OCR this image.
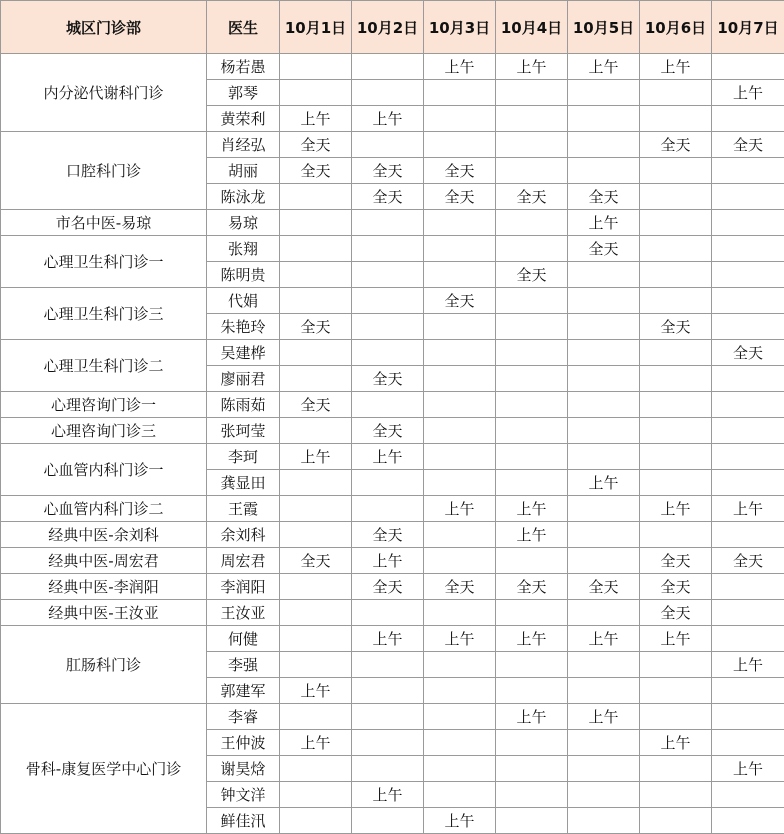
城区门诊部	医生	10月1日	10月2日	10月3日	10月4日	10月5日	10月6日	10月7日
内分泌代谢科门诊	杨若愚			上午	上午	上午	上午	
	郭琴							上午
	黄荣利	上午	上午					
口腔科门诊	肖经弘	全天					全天	全天
	胡丽	全天	全天	全天				
	陈泳龙		全天	全天	全天	全天		
市名中医-易琼	易琼					上午		
心理卫生科门诊一	张翔					全天		
	陈明贵				全天			
心理卫生科门诊三	代娟			全天				
	朱艳玲	全天					全天	
心理卫生科门诊二	吴建桦							全天
	廖丽君		全天					
心理咨询门诊一	陈雨茹	全天						
心理咨询门诊三	张珂莹		全天					
心血管内科门诊一	李珂	上午	上午					
	龚显田					上午		
心血管内科门诊二	王霞			上午	上午		上午	上午
经典中医-余刘科	余刘科		全天		上午			
经典中医-周宏君	周宏君	全天	上午				全天	全天
经典中医-李润阳	李润阳		全天	全天	全天	全天	全天	
经典中医-王汝亚	王汝亚						全天	
肛肠科门诊	何健		上午	上午	上午	上午	上午	
	李强							上午
	郭建军	上午						
骨科-康复医学中心门诊	李睿				上午	上午		
	王仲波	上午					上午	
	谢昊焓							上午
	钟文洋		上午					
	鲜佳汛			上午				
